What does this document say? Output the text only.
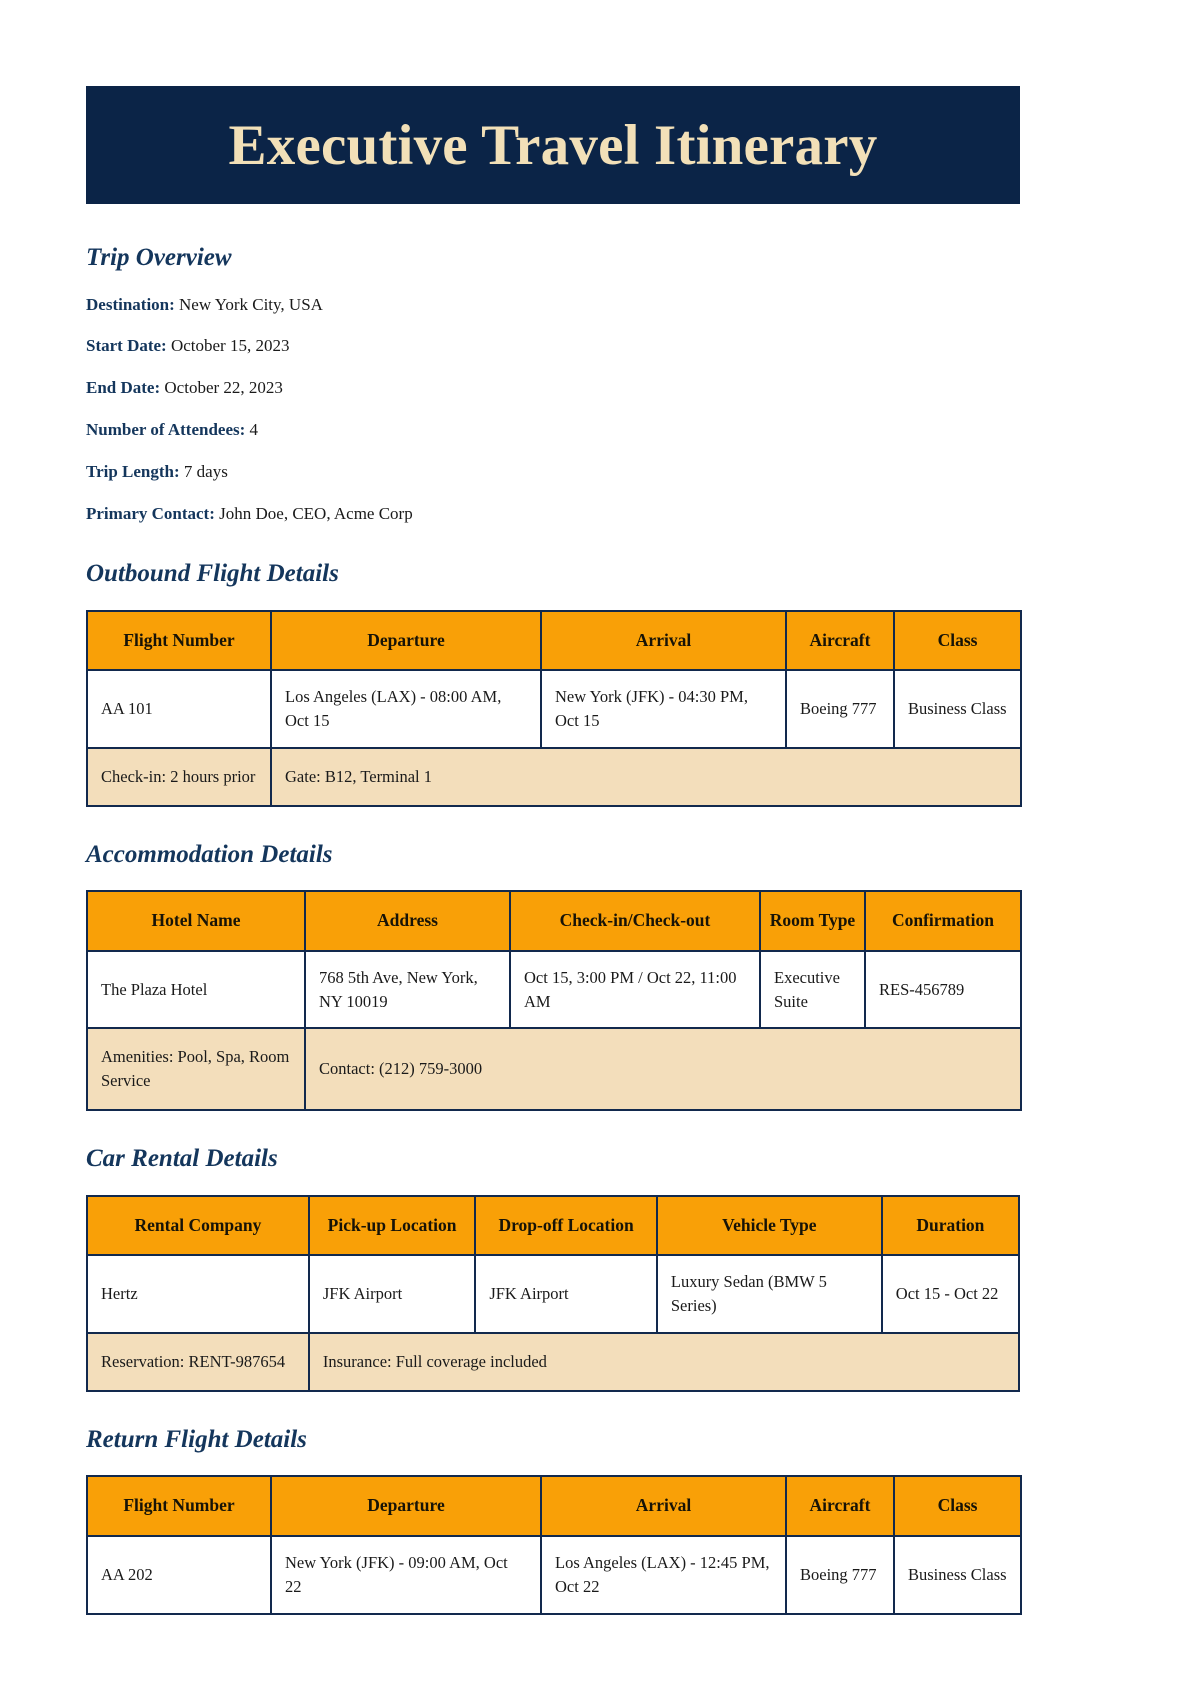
Executive Travel Itinerary
Trip Overview
Destination: New York City, USA
Start Date: October 15, 2023
End Date: October 22, 2023
Number of Attendees: 4
Trip Length: 7 days
Primary Contact: John Doe, CEO, Acme Corp
Outbound Flight Details
Flight Number	Departure	Arrival	Aircraft	Class
AA 101	Los Angeles (LAX) - 08:00 AM, Oct 15	New York (JFK) - 04:30 PM, Oct 15	Boeing 777	Business Class
Check-in: 2 hours prior	Gate: B12, Terminal 1			
Accommodation Details
Hotel Name	Address	Check-in/Check-out	Room Type	Confirmation
The Plaza Hotel	768 5th Ave, New York, NY 10019	Oct 15, 3:00 PM / Oct 22, 11:00 AM	Executive Suite	RES-456789
Amenities: Pool, Spa, Room Service	Contact: (212) 759-3000			
Car Rental Details
Rental Company	Pick-up Location	Drop-off Location	Vehicle Type	Duration
Hertz	JFK Airport	JFK Airport	Luxury Sedan (BMW 5 Series)	Oct 15 - Oct 22
Reservation: RENT-987654	Insurance: Full coverage included			
Return Flight Details
Flight Number	Departure	Arrival	Aircraft	Class
AA 202	New York (JFK) - 09:00 AM, Oct 22	Los Angeles (LAX) - 12:45 PM, Oct 22	Boeing 777	Business Class
